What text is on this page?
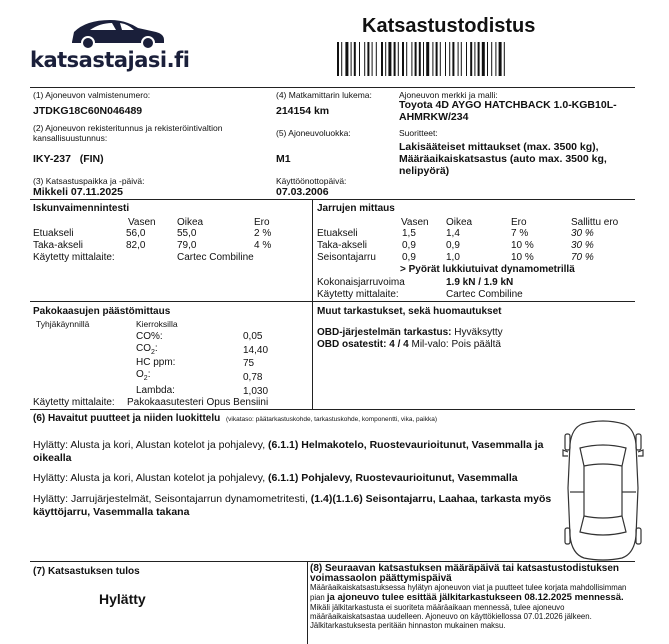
katsastajasi.fi
Katsastustodistus
(1) Ajoneuvon valmistenumero:
JTDKG18C60N046489
(4) Matkamittarin lukema:
214154 km
Ajoneuvon merkki ja malli:
Toyota 4D AYGO HATCHBACK 1.0-KGB10L-AHMRKW/234
(2) Ajoneuvon rekisteritunnus ja rekisteröintivaltion kansallisuustunnus:
IKY-237 (FIN)
(5) Ajoneuvoluokka:
M1
Suoritteet:
Lakisääteiset mittaukset (max. 3500 kg), Määräaikaiskatsastus (auto max. 3500 kg, nelipyörä)
(3) Katsastuspaikka ja -päivä:
Mikkeli 07.11.2025
Käyttöönottopäivä:
07.03.2006
Iskunvaimennintesti
Vasen Oikea	Ero
Etuakseli	56,0	55,0	2 %
Taka-akseli	82,0	79,0	4 %
Käytetty mittalaite:	Cartec Combiline
Jarrujen mittaus
Vasen Oikea	Ero	Sallittu ero
Etuakseli	1,5	1,4	7 %	30 %
Taka-akseli	0,9	0,9	10 %	30 %
Seisontajarru	0,9	1,0	10 %	70 %
> Pyörät lukkiutuivat dynamometrillä
Kokonaisjarruvoima	1.9 kN / 1.9 kN
Käytetty mittalaite:	Cartec Combiline
Pakokaasujen päästömittaus
Tyhjäkäynnillä	Kierroksilla
CO%:	0,05
$CO_2$:	14,40
HC ppm:	75
$O_2$:	0,78
Lambda:	1,030
Käytetty mittalaite: Pakokaasutesteri Opus Bensiini
Muut tarkastukset, sekä huomautukset
OBD-järjestelmän tarkastus: Hyväksytty
OBD osatestit: 4 / 4 Mil-valo: Pois päältä
(6) Havaitut puutteet ja niiden luokittelu (vikataso: päätarkastuskohde, tarkastuskohde, komponentti, vika, paikka)
Hylätty: Alusta ja kori, Alustan kotelot ja pohjalevy, (6.1.1) Helmakotelo, Ruostevaurioitunut, Vasemmalla ja oikealla
Hylätty: Alusta ja kori, Alustan kotelot ja pohjalevy, (6.1.1) Pohjalevy, Ruostevaurioitunut, Vasemmalla
Hylätty: Jarrujärjestelmät, Seisontajarrun dynamometritesti, (1.4)(1.1.6) Seisontajarru, Laahaa, tarkasta myös käyttöjarru, Vasemmalla takana
(7) Katsastuksen tulos
Hylätty
(8) Seuraavan katsastuksen määräpäivä tai katsastustodistuksen voimassaolon päättymispäivä
Määräaikaiskatsastuksessa hylätyn ajoneuvon viat ja puutteet tulee korjata mahdollisimman pian ja ajoneuvo tulee esittää jälkitarkastukseen 08.12.2025 mennessä. Mikäli jälkitarkastusta ei suoriteta määräaikaan mennessä, tulee ajoneuvo määräaikaiskatsastaa uudelleen. Ajoneuvo on käyttökiellossa 07.01.2026 jälkeen. Jälkitarkastuksesta peritään hinnaston mukainen maksu.
